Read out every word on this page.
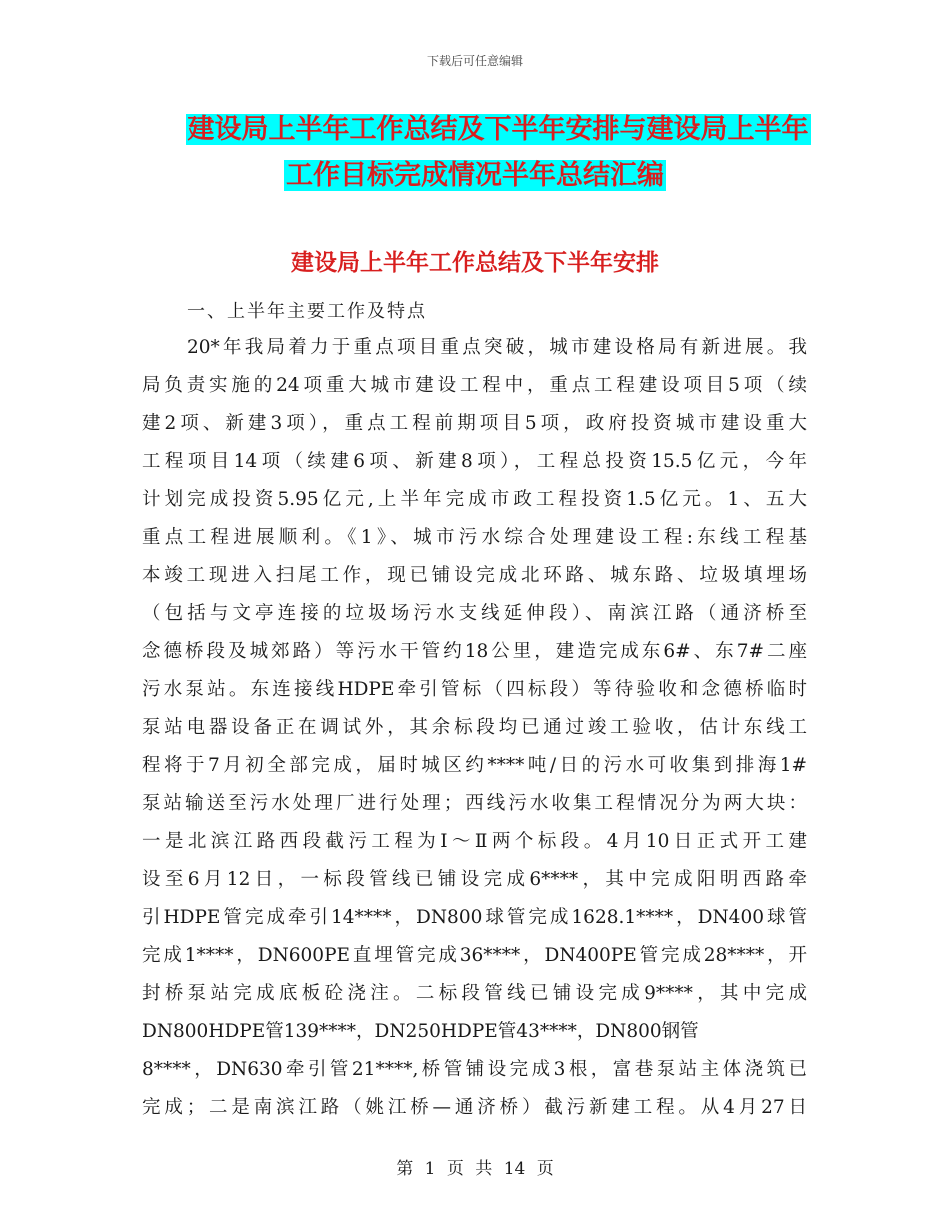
下载后可任意编辑
建设局上半年工作总结及下半年安排与建设局上半年
工作目标完成情况半年总结汇编
建设局上半年工作总结及下半年安排
一、上半年主要工作及特点
20*年我局着力于重点项目重点突破，城市建设格局有新进展。我
局负责实施的24项重大城市建设工程中，重点工程建设项目5项（续
建2项、新建3项），重点工程前期项目5项，政府投资城市建设重大
工程项目14项（续建6项、新建8项），工程总投资15.5亿元，今年
计划完成投资5.95亿元,上半年完成市政工程投资1.5亿元。1、五大
重点工程进展顺利。《1》、城市污水综合处理建设工程:东线工程基
本竣工现进入扫尾工作，现已铺设完成北环路、城东路、垃圾填埋场
（包括与文亭连接的垃圾场污水支线延伸段）、南滨江路（通济桥至
念德桥段及城郊路）等污水干管约18公里，建造完成东6#、东7#二座
污水泵站。东连接线HDPE牵引管标（四标段）等待验收和念德桥临时
泵站电器设备正在调试外，其余标段均已通过竣工验收，估计东线工
程将于7月初全部完成，届时城区约****吨/日的污水可收集到排海1#
泵站输送至污水处理厂进行处理；西线污水收集工程情况分为两大块：
一是北滨江路西段截污工程为Ⅰ～Ⅱ两个标段。4月10日正式开工建
设至6月12日，一标段管线已铺设完成6****，其中完成阳明西路牵
引HDPE管完成牵引14****，DN800球管完成1628.1****，DN400球管
完成1****，DN600PE直埋管完成36****，DN400PE管完成28****，开
封桥泵站完成底板砼浇注。二标段管线已铺设完成9****，其中完成
DN800HDPE管139****，DN250HDPE管43****，DN800钢管
8****，DN630牵引管21****,桥管铺设完成3根，富巷泵站主体浇筑已
完成；二是南滨江路（姚江桥—通济桥）截污新建工程。从4月27日
第 1 页 共 14 页
